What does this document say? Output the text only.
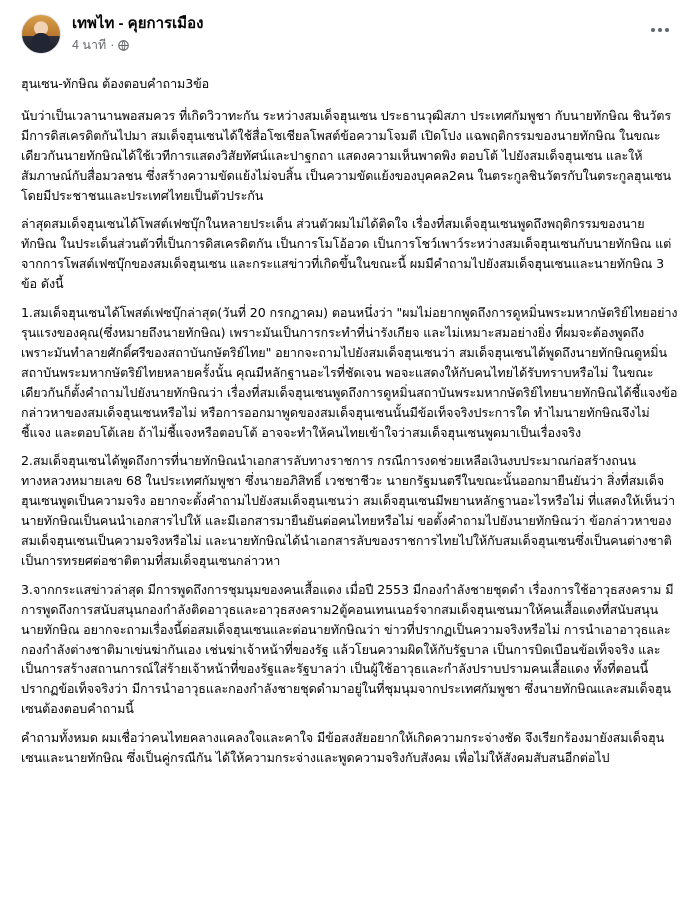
เทพไท - คุยการเมือง
4 นาที ·

ฮุนเซน-ทักษิณ ต้องตอบคำถาม3ข้อ

นับว่าเป็นเวลานานพอสมควร ที่เกิดวิวาทะกัน ระหว่างสมเด็จฮุนเซน ประธานวุฒิสภา ประเทศกัมพูชา กับนายทักษิณ ชินวัตร มีการดิสเครดิตกันไปมา สมเด็จฮุนเซนได้ใช้สื่อโซเชียลโพสต์ข้อความโจมตี เปิดโปง แฉพฤติกรรมของนายทักษิณ ในขณะเดียวกันนายทักษิณได้ใช้เวทีการแสดงวิสัยทัศน์และปาฐกถา แสดงความเห็นพาดพิง ตอบโต้ ไปยังสมเด็จฮุนเซน และให้สัมภาษณ์กับสื่อมวลชน ซึ่งสร้างความขัดแย้งไม่จบสิ้น เป็นความขัดแย้งของบุคคล2คน ในตระกูลชินวัตรกับในตระกูลฮุนเซน โดยมีประชาชนและประเทศไทยเป็นตัวประกัน

ล่าสุดสมเด็จฮุนเซนได้โพสต์เฟซบุ๊กในหลายประเด็น ส่วนตัวผมไม่ได้ติดใจ เรื่องที่สมเด็จฮุนเซนพูดถึงพฤติกรรมของนายทักษิณ ในประเด็นส่วนตัวที่เป็นการดิสเครดิตกัน เป็นการโมโอ้อวด เป็นการโชว์เพาว์ระหว่างสมเด็จฮุนเซนกับนายทักษิณ แต่จากการโพสต์เฟซบุ๊กของสมเด็จฮุนเซน และกระแสข่าวที่เกิดขึ้นในขณะนี้ ผมมีคำถามไปยังสมเด็จฮุนเซนและนายทักษิณ 3 ข้อ ดังนี้

1.สมเด็จฮุนเซนได้โพสต์เฟซบุ๊กล่าสุด(วันที่ 20 กรกฎาคม) ตอนหนึ่งว่า "ผมไม่อยากพูดถึงการดูหมิ่นพระมหากษัตริย์ไทยอย่างรุนแรงของคุณ(ซึ่งหมายถึงนายทักษิณ) เพราะมันเป็นการกระทำที่น่ารังเกียจ และไม่เหมาะสมอย่างยิ่ง ที่ผมจะต้องพูดถึง เพราะมันทำลายศักดิ์ศรีของสถาบันกษัตริย์ไทย" อยากจะถามไปยังสมเด็จฮุนเซนว่า สมเด็จฮุนเซนได้พูดถึงนายทักษิณดูหมิ่นสถาบันพระมหากษัตริย์ไทยหลายครั้งนั้น คุณมีหลักฐานอะไรที่ชัดเจน พอจะแสดงให้กับคนไทยได้รับทราบหรือไม่ ในขณะเดียวกันก็ตั้งคำถามไปยังนายทักษิณว่า เรื่องที่สมเด็จฮุนเซนพูดถึงการดูหมิ่นสถาบันพระมหากษัตริย์ไทยนายทักษิณได้ชี้แจงข้อกล่าวหาของสมเด็จฮุนเซนหรือไม่ หรือการออกมาพูดของสมเด็จฮุนเซนนั้นมีข้อเท็จจริงประการใด ทำไมนายทักษิณจึงไม่ชี้แจง และตอบโต้เลย ถ้าไม่ชี้แจงหรือตอบโต้ อาจจะทำให้คนไทยเข้าใจว่าสมเด็จฮุนเซนพูดมาเป็นเรื่องจริง

2.สมเด็จฮุนเซนได้พูดถึงการที่นายทักษิณนำเอกสารลับทางราชการ กรณีการงดช่วยเหลือเงินงบประมาณก่อสร้างถนนทางหลวงหมายเลข 68 ในประเทศกัมพูชา ซึ่งนายอภิสิทธิ์ เวชชาชีวะ นายกรัฐมนตรีในขณะนั้นออกมายืนยันว่า สิ่งที่สมเด็จฮุนเซนพูดเป็นความจริง อยากจะตั้งคำถามไปยังสมเด็จฮุนเซนว่า สมเด็จฮุนเซนมีพยานหลักฐานอะไรหรือไม่ ที่แสดงให้เห็นว่านายทักษิณเป็นคนนำเอกสารไปให้ และมีเอกสารมายืนยันต่อคนไทยหรือไม่ ขอตั้งคำถามไปยังนายทักษิณว่า ข้อกล่าวหาของสมเด็จฮุนเซนเป็นความจริงหรือไม่ และนายทักษิณได้นำเอกสารลับของราชการไทยไปให้กับสมเด็จฮุนเซนซึ่งเป็นคนต่างชาติ เป็นการทรยศต่อชาติตามที่สมเด็จฮุนเซนกล่าวหา

3.จากกระแสข่าวล่าสุด มีการพูดถึงการชุมนุมของคนเสื้อแดง เมื่อปี 2553 มีกองกำลังชายชุดดำ เรื่องการใช้อาวุธสงคราม มีการพูดถึงการสนับสนุนกองกำลังติดอาวุธและอาวุธสงคราม2ตู้คอนเทนเนอร์จากสมเด็จฮุนเซนมาให้คนเสื้อแดงที่สนับสนุนนายทักษิณ อยากจะถามเรื่องนี้ต่อสมเด็จฮุนเซนและต่อนายทักษิณว่า ข่าวที่ปรากฏเป็นความจริงหรือไม่ การนำเอาอาวุธและกองกำลังต่างชาติมาเข่นฆ่ากันเอง เช่นฆ่าเจ้าหน้าที่ของรัฐ แล้วโยนความผิดให้กับรัฐบาล เป็นการบิดเบือนข้อเท็จจริง และเป็นการสร้างสถานการณ์ใส่ร้ายเจ้าหน้าที่ของรัฐและรัฐบาลว่า เป็นผู้ใช้อาวุธและกำลังปราบปรามคนเสื้อแดง ทั้งที่ตอนนี้ปรากฏข้อเท็จจริงว่า มีการนำอาวุธและกองกำลังชายชุดดำมาอยู่ในที่ชุมนุมจากประเทศกัมพูชา ซึ่งนายทักษิณและสมเด็จฮุนเซนต้องตอบคำถามนี้

คำถามทั้งหมด ผมเชื่อว่าคนไทยคลางแคลงใจและคาใจ มีข้อสงสัยอยากให้เกิดความกระจ่างชัด จึงเรียกร้องมายังสมเด็จฮุนเซนและนายทักษิณ ซึ่งเป็นคู่กรณีกัน ได้ให้ความกระจ่างและพูดความจริงกับสังคม เพื่อไม่ให้สังคมสับสนอีกต่อไป
